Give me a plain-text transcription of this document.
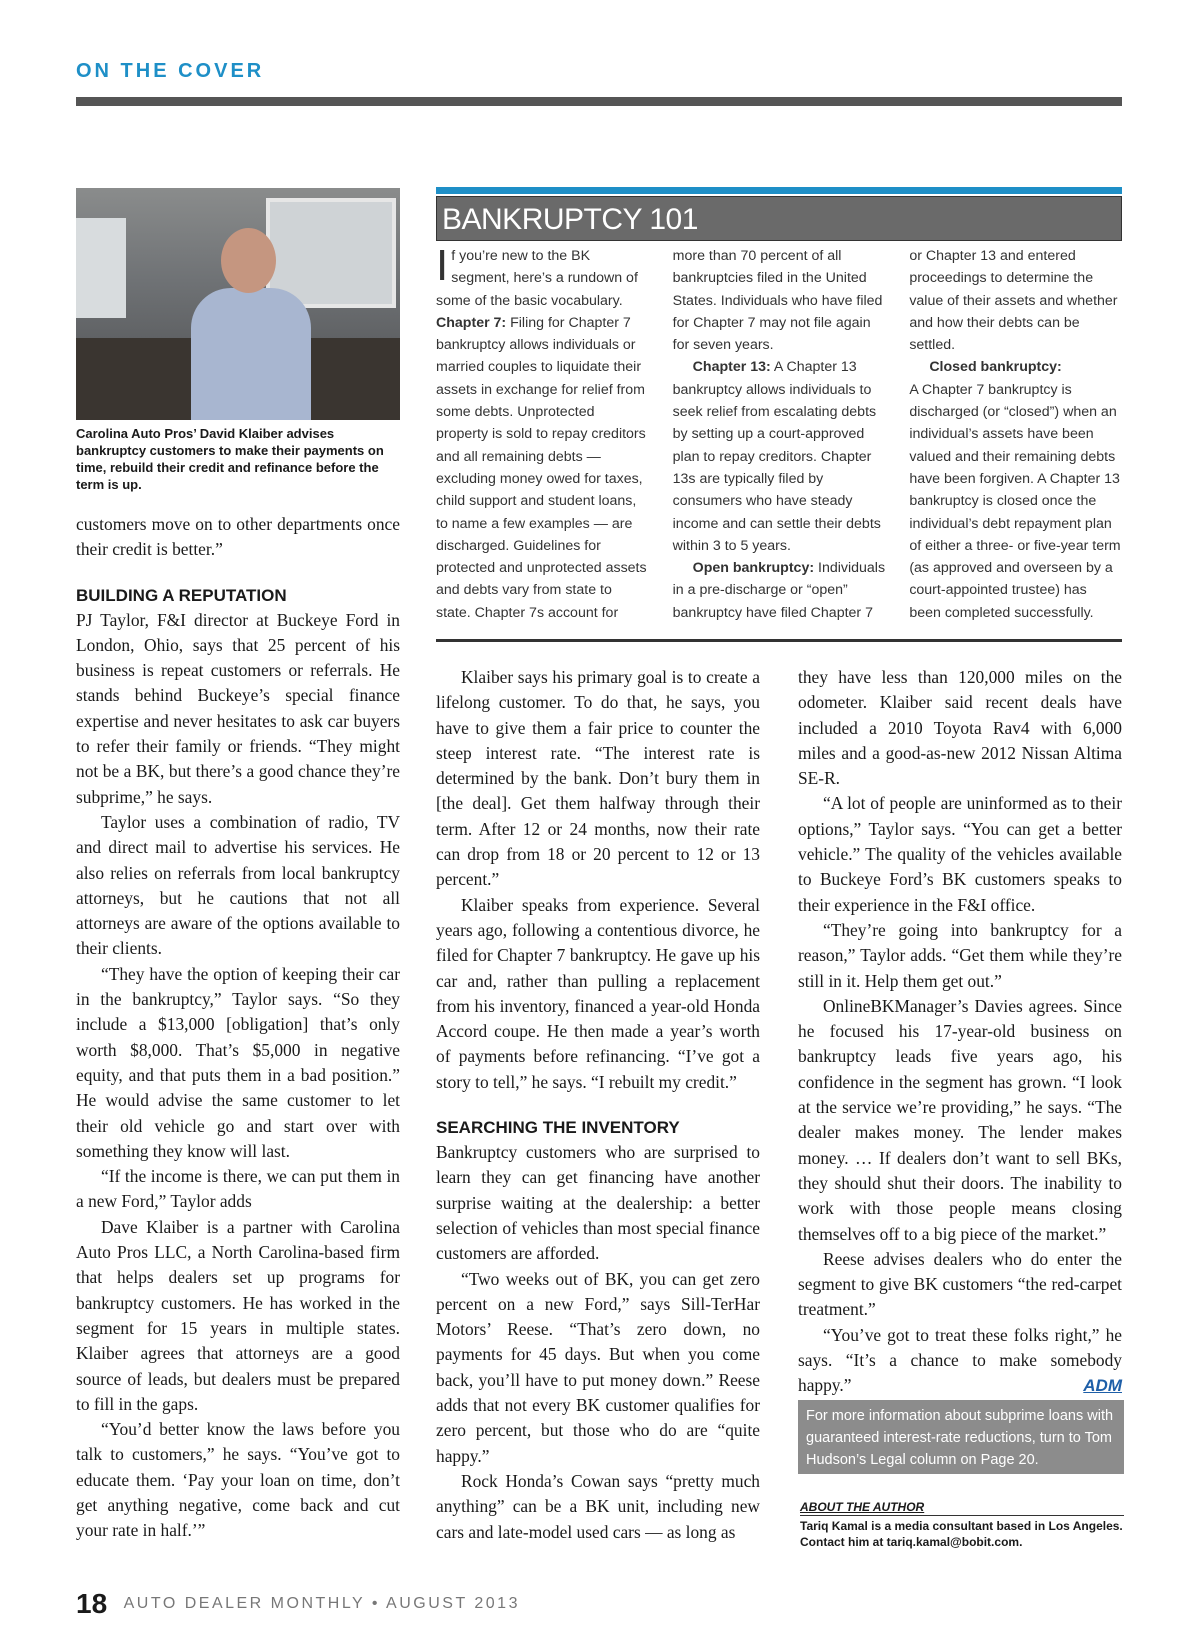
ON THE COVER
Carolina Auto Pros’ David Klaiber advises bankruptcy customers to make their payments on time, rebuild their credit and refinance before the term is up.
BANKRUPTCY 101

customers move on to other departments once their credit is better.”

BUILDING A REPUTATION

PJ Taylor, F&I director at Buckeye Ford in London, Ohio, says that 25 percent of his business is repeat customers or referrals. He stands behind Buckeye’s special finance expertise and never hesitates to ask car buyers to refer their family or friends. “They might not be a BK, but there’s a good chance they’re subprime,” he says.

Taylor uses a combination of radio, TV and direct mail to advertise his services. He also relies on referrals from local bankruptcy attorneys, but he cautions that not all attorneys are aware of the options available to their clients.

“They have the option of keeping their car in the bankruptcy,” Taylor says. “So they include a $13,000 [obligation] that’s only worth $8,000. That’s $5,000 in negative equity, and that puts them in a bad position.” He would advise the same customer to let their old vehicle go and start over with something they know will last.

“If the income is there, we can put them in a new Ford,” Taylor adds

Dave Klaiber is a partner with Carolina Auto Pros LLC, a North Carolina-based firm that helps dealers set up programs for bankruptcy customers. He has worked in the segment for 15 years in multiple states. Klaiber agrees that attorneys are a good source of leads, but dealers must be prepared to fill in the gaps.

“You’d better know the laws before you talk to customers,” he says. “You’ve got to educate them. ‘Pay your loan on time, don’t get anything negative, come back and cut your rate in half.’”

Klaiber says his primary goal is to create a lifelong customer. To do that, he says, you have to give them a fair price to counter the steep interest rate. “The interest rate is determined by the bank. Don’t bury them in [the deal]. Get them halfway through their term. After 12 or 24 months, now their rate can drop from 18 or 20 percent to 12 or 13 percent.”

Klaiber speaks from experience. Several years ago, following a contentious divorce, he filed for Chapter 7 bankruptcy. He gave up his car and, rather than pulling a replacement from his inventory, financed a year-old Honda Accord coupe. He then made a year’s worth of payments before refinancing. “I’ve got a story to tell,” he says. “I rebuilt my credit.”

SEARCHING THE INVENTORY

Bankruptcy customers who are surprised to learn they can get financing have another surprise waiting at the dealership: a better selection of vehicles than most special finance customers are afforded.

“Two weeks out of BK, you can get zero percent on a new Ford,” says Sill-TerHar Motors’ Reese. “That’s zero down, no payments for 45 days. But when you come back, you’ll have to put money down.” Reese adds that not every BK customer qualifies for zero percent, but those who do are “quite happy.”

Rock Honda’s Cowan says “pretty much anything” can be a BK unit, including new cars and late-model used cars — as long as

they have less than 120,000 miles on the odometer. Klaiber said recent deals have included a 2010 Toyota Rav4 with 6,000 miles and a good-as-new 2012 Nissan Altima SE-R.

“A lot of people are uninformed as to their options,” Taylor says. “You can get a better vehicle.” The quality of the vehicles available to Buckeye Ford’s BK customers speaks to their experience in the F&I office.

“They’re going into bankruptcy for a reason,” Taylor adds. “Get them while they’re still in it. Help them get out.”

OnlineBKManager’s Davies agrees. Since he focused his 17-year-old business on bankruptcy leads five years ago, his confidence in the segment has grown. “I look at the service we’re providing,” he says. “The dealer makes money. The lender makes money. … If dealers don’t want to sell BKs, they should shut their doors. The inability to work with those people means closing themselves off to a big piece of the market.”

Reese advises dealers who do enter the segment to give BK customers “the red-carpet treatment.”

“You’ve got to treat these folks right,” he says. “It’s a chance to make somebody happy.”	ADM

For more information about subprime loans with guaranteed interest-rate reductions, turn to Tom Hudson’s Legal column on Page 20.
ABOUT THE AUTHOR
Tariq Kamal is a media consultant based in Los Angeles. Contact him at tariq.kamal@bobit.com.
18 AUTO DEALER MONTHLY • AUGUST 2013
I f you’re new to the BK segment, here’s a rundown of some of the basic vocabulary.

Chapter 7: Filing for Chapter 7 bankruptcy allows individuals or married couples to liquidate their assets in exchange for relief from some debts. Unprotected property is sold to repay creditors and all remaining debts — excluding money owed for taxes, child support and student loans, to name a few examples — are discharged. Guidelines for protected and unprotected assets and debts vary from state to state. Chapter 7s account for more than 70 percent of all bankruptcies filed in the United States. Individuals who have filed for Chapter 7 may not file again for seven years.

Chapter 13: A Chapter 13 bankruptcy allows individuals to seek relief from escalating debts by setting up a court-approved plan to repay creditors. Chapter 13s are typically filed by consumers who have steady income and can settle their debts within 3 to 5 years.

Open bankruptcy: Individuals in a pre-discharge or “open” bankruptcy have filed Chapter 7 or Chapter 13 and entered proceedings to determine the value of their assets and whether and how their debts can be settled.

Closed bankruptcy:

A Chapter 7 bankruptcy is discharged (or “closed”) when an individual’s assets have been valued and their remaining debts have been forgiven. A Chapter 13 bankruptcy is closed once the individual’s debt repayment plan of either a three- or five-year term (as approved and overseen by a court-appointed trustee) has been completed successfully.
